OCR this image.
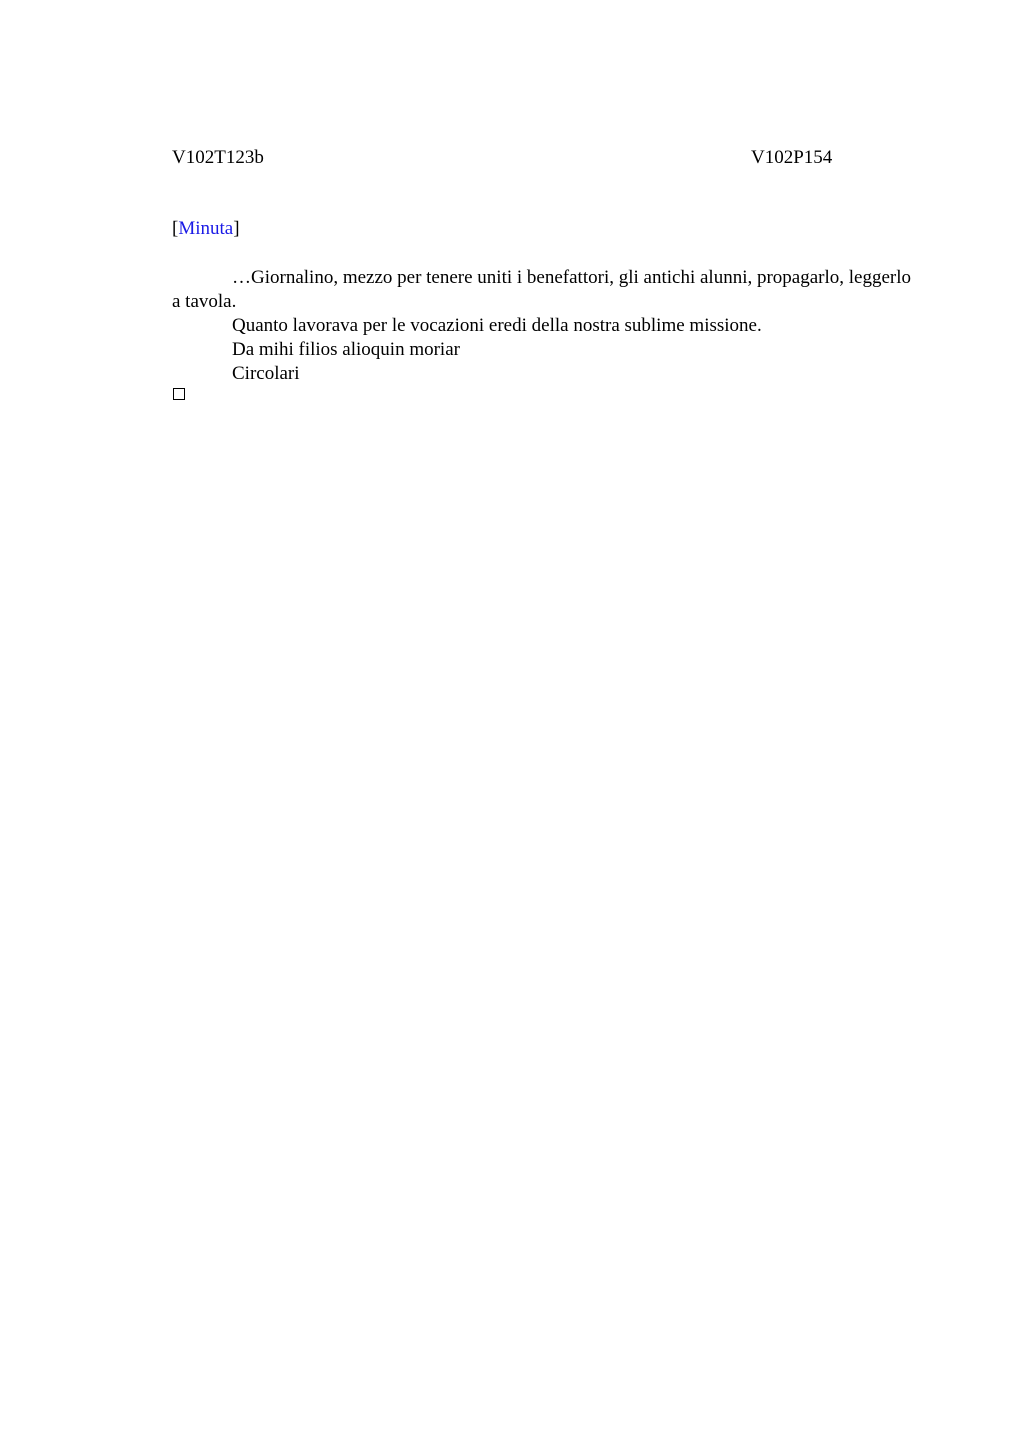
V102T123b	V102P154
[Minuta]

…Giornalino, mezzo per tenere uniti i benefattori, gli antichi alunni, propagarlo, leggerlo a tavola.

Quanto lavorava per le vocazioni eredi della nostra sublime missione.

Da mihi filios alioquin moriar

Circolari
